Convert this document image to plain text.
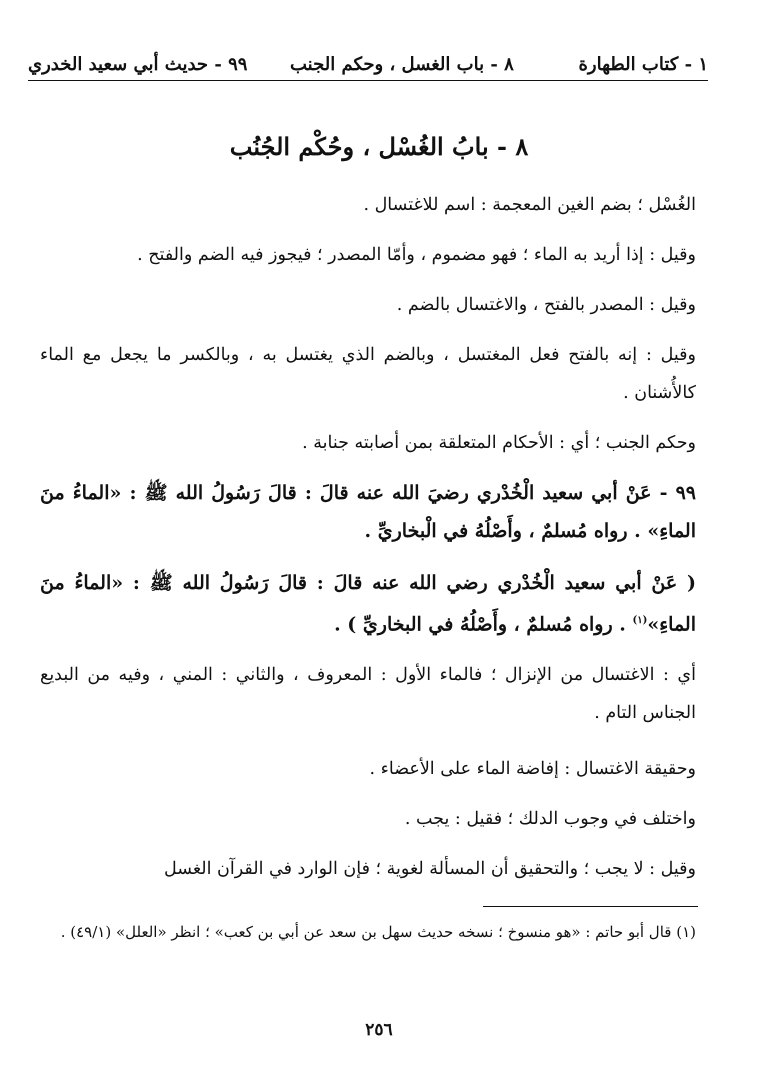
١ - كتاب الطهارة
٨ - باب الغسل ، وحكم الجنب
٩٩ - حديث أبي سعيد الخدري
٨ - بابُ الغُسْل ، وحُكْم الجُنُب
الغُسْل ؛ بضم الغين المعجمة : اسم للاغتسال .
وقيل : إذا أريد به الماء ؛ فهو مضموم ، وأمّا المصدر ؛ فيجوز فيه الضم والفتح .
وقيل : المصدر بالفتح ، والاغتسال بالضم .
وقيل : إنه بالفتح فعل المغتسل ، وبالضم الذي يغتسل به ، وبالكسر ما يجعل مع الماء كالأُشنان .
وحكم الجنب ؛ أي : الأحكام المتعلقة بمن أصابته جنابة .
٩٩ - عَنْ أبي سعيد الْخُدْري رضيَ الله عنه قالَ : قالَ رَسُولُ الله ﷺ : «الماءُ منَ الماءِ» . رواه مُسلمٌ ، وأَصْلُهُ في الْبخاريِّ .
( عَنْ أبي سعيد الْخُدْري رضي الله عنه قالَ : قالَ رَسُولُ الله ﷺ : «الماءُ منَ الماءِ»$^{(١)}$ . رواه مُسلمٌ ، وأَصْلُهُ في البخاريِّ ) .
أي : الاغتسال من الإنزال ؛ فالماء الأول : المعروف ، والثاني : المني ، وفيه من البديع الجناس التام .
وحقيقة الاغتسال : إفاضة الماء على الأعضاء .
واختلف في وجوب الدلك ؛ فقيل : يجب .
وقيل : لا يجب ؛ والتحقيق أن المسألة لغوية ؛ فإن الوارد في القرآن الغسل
(١) قال أبو حاتم : «هو منسوخ ؛ نسخه حديث سهل بن سعد عن أبي بن كعب» ؛ انظر «العلل» (٤٩/١) .
٢٥٦
